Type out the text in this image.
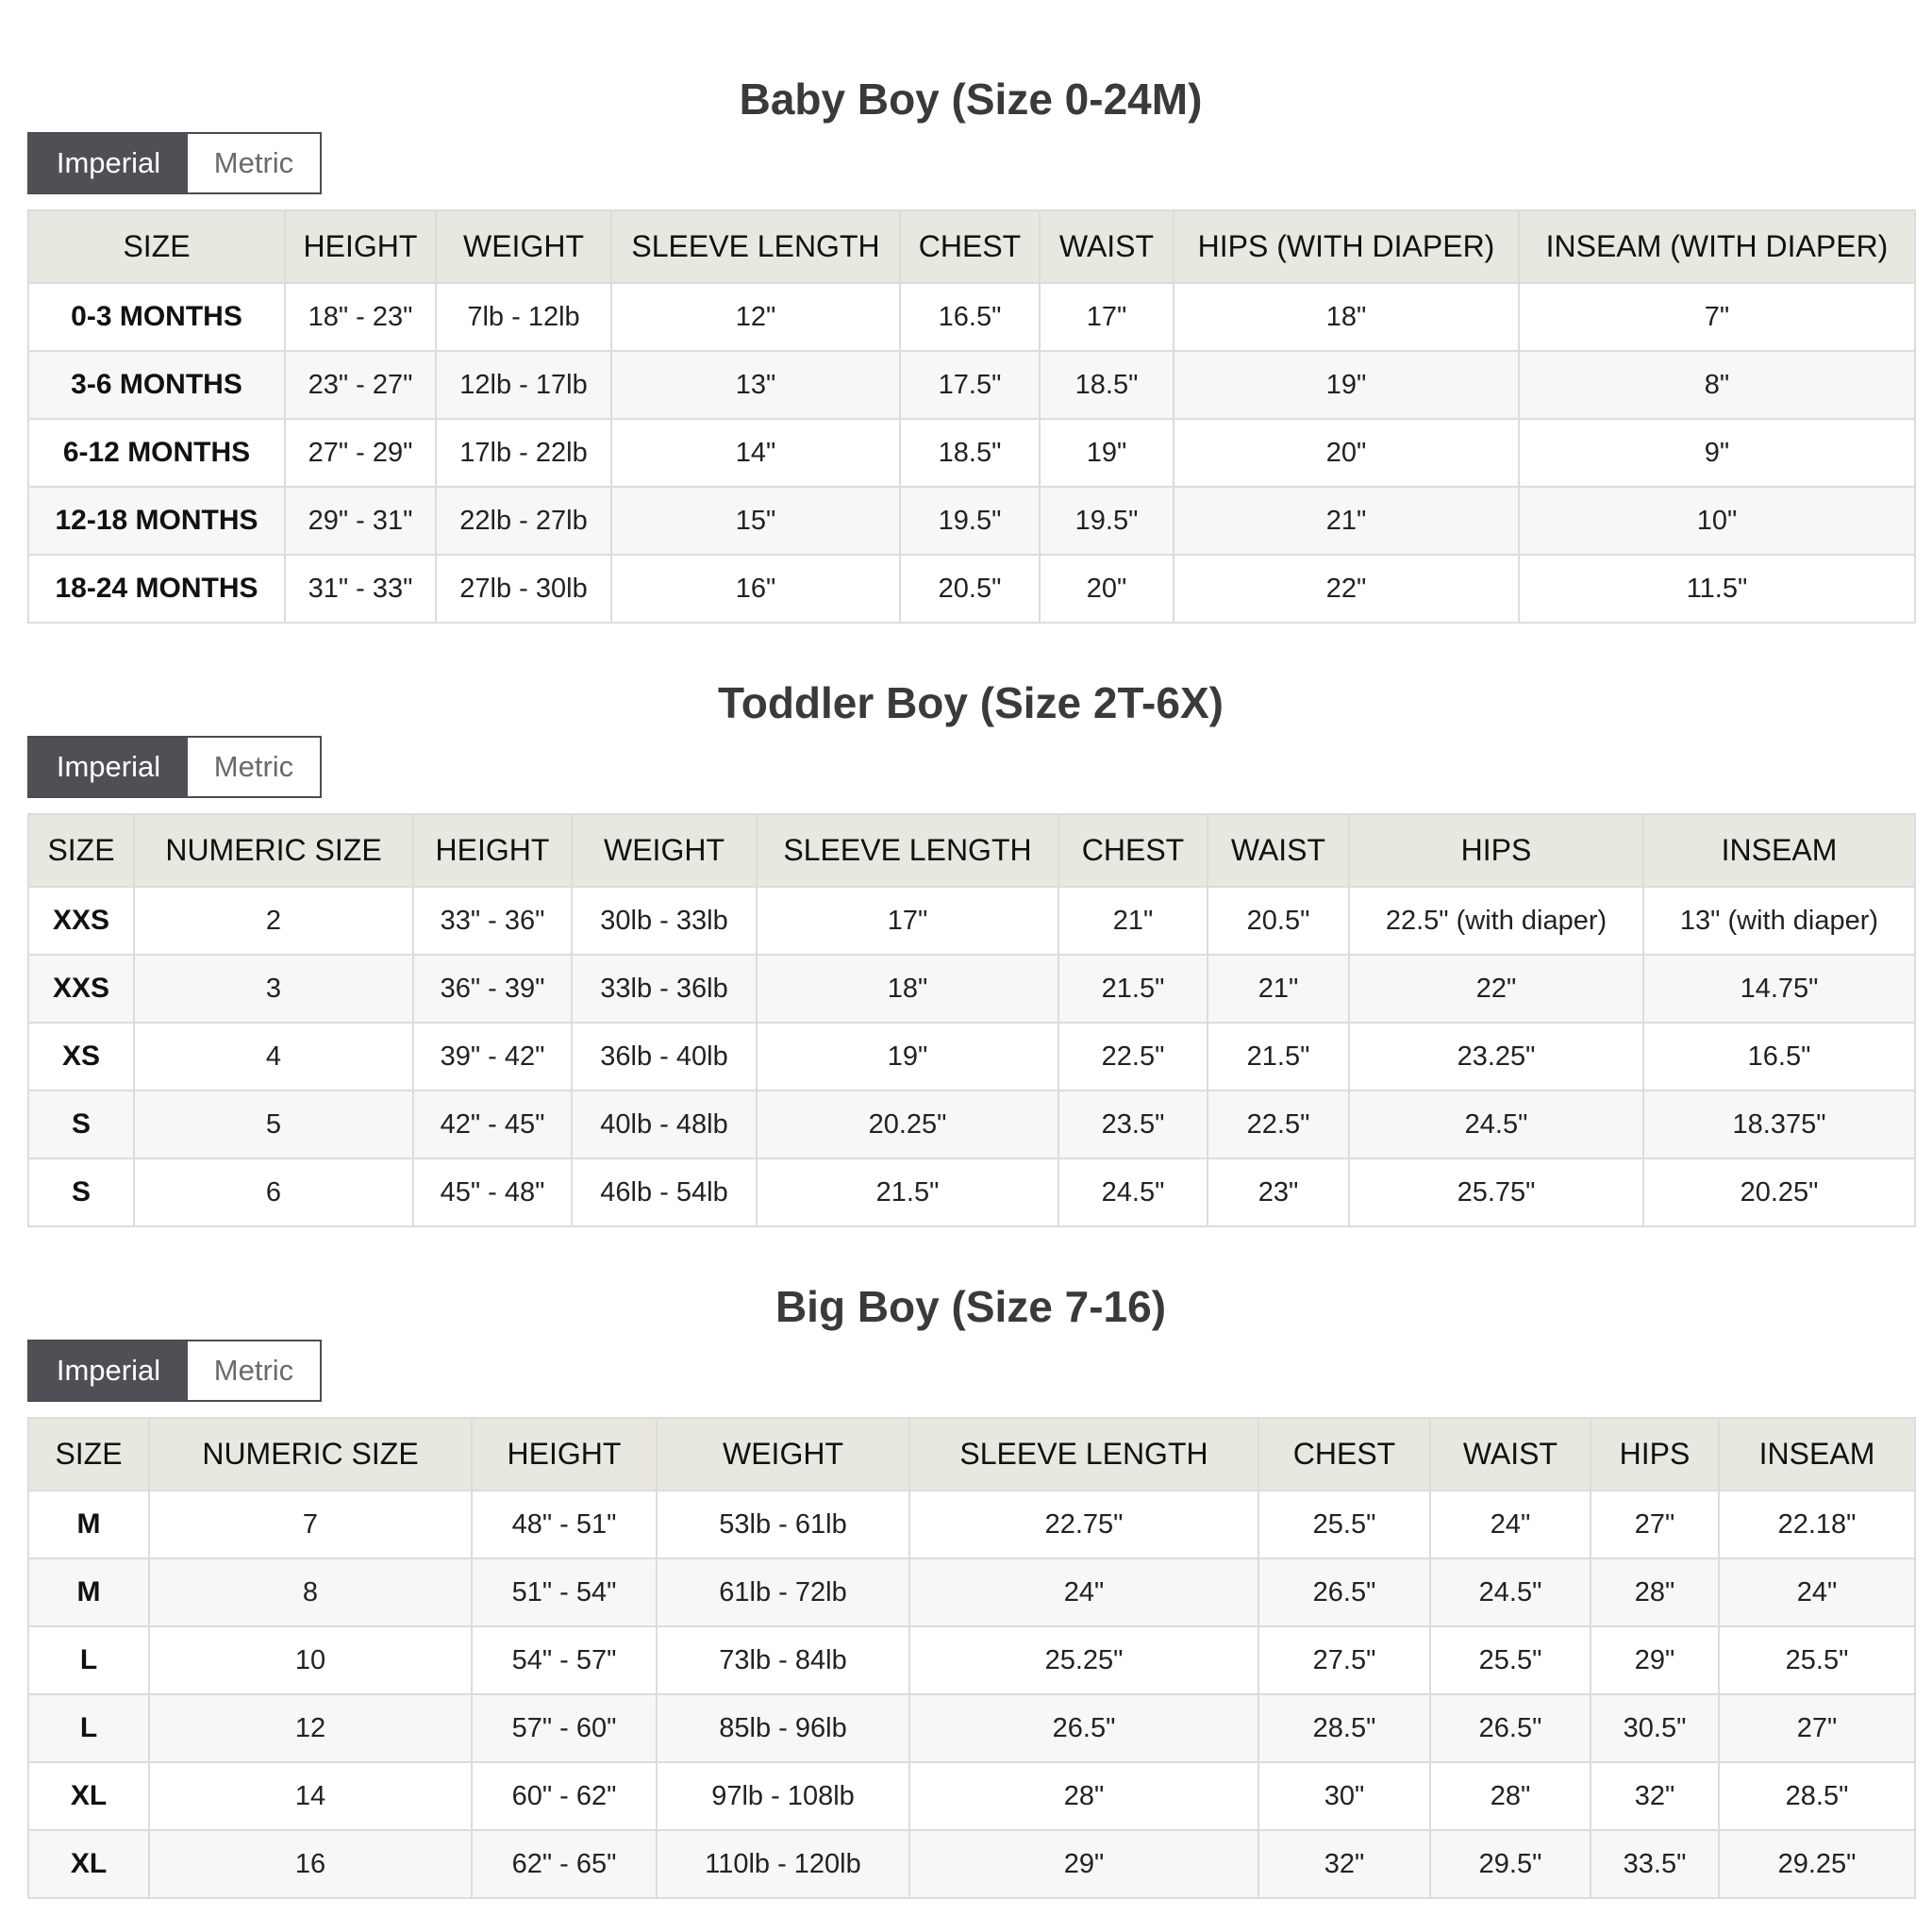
Baby Boy (Size 0-24M)
Imperial	Metric
SIZE	HEIGHT	WEIGHT	SLEEVE LENGTH	CHEST	WAIST	HIPS (WITH DIAPER)	INSEAM (WITH DIAPER)
0-3 MONTHS	18" - 23"	7lb - 12lb	12"	16.5"	17"	18"	7"
3-6 MONTHS	23" - 27"	12lb - 17lb	13"	17.5"	18.5"	19"	8"
6-12 MONTHS	27" - 29"	17lb - 22lb	14"	18.5"	19"	20"	9"
12-18 MONTHS	29" - 31"	22lb - 27lb	15"	19.5"	19.5"	21"	10"
18-24 MONTHS	31" - 33"	27lb - 30lb	16"	20.5"	20"	22"	11.5"
Toddler Boy (Size 2T-6X)
Imperial	Metric
SIZE	NUMERIC SIZE	HEIGHT	WEIGHT	SLEEVE LENGTH	CHEST	WAIST	HIPS	INSEAM
XXS	2	33" - 36"	30lb - 33lb	17"	21"	20.5"	22.5" (with diaper)	13" (with diaper)
XXS	3	36" - 39"	33lb - 36lb	18"	21.5"	21"	22"	14.75"
XS	4	39" - 42"	36lb - 40lb	19"	22.5"	21.5"	23.25"	16.5"
S	5	42" - 45"	40lb - 48lb	20.25"	23.5"	22.5"	24.5"	18.375"
S	6	45" - 48"	46lb - 54lb	21.5"	24.5"	23"	25.75"	20.25"
Big Boy (Size 7-16)
Imperial	Metric
SIZE	NUMERIC SIZE	HEIGHT	WEIGHT	SLEEVE LENGTH	CHEST	WAIST	HIPS	INSEAM
M	7	48" - 51"	53lb - 61lb	22.75"	25.5"	24"	27"	22.18"
M	8	51" - 54"	61lb - 72lb	24"	26.5"	24.5"	28"	24"
L	10	54" - 57"	73lb - 84lb	25.25"	27.5"	25.5"	29"	25.5"
L	12	57" - 60"	85lb - 96lb	26.5"	28.5"	26.5"	30.5"	27"
XL	14	60" - 62"	97lb - 108lb	28"	30"	28"	32"	28.5"
XL	16	62" - 65"	110lb - 120lb	29"	32"	29.5"	33.5"	29.25"
